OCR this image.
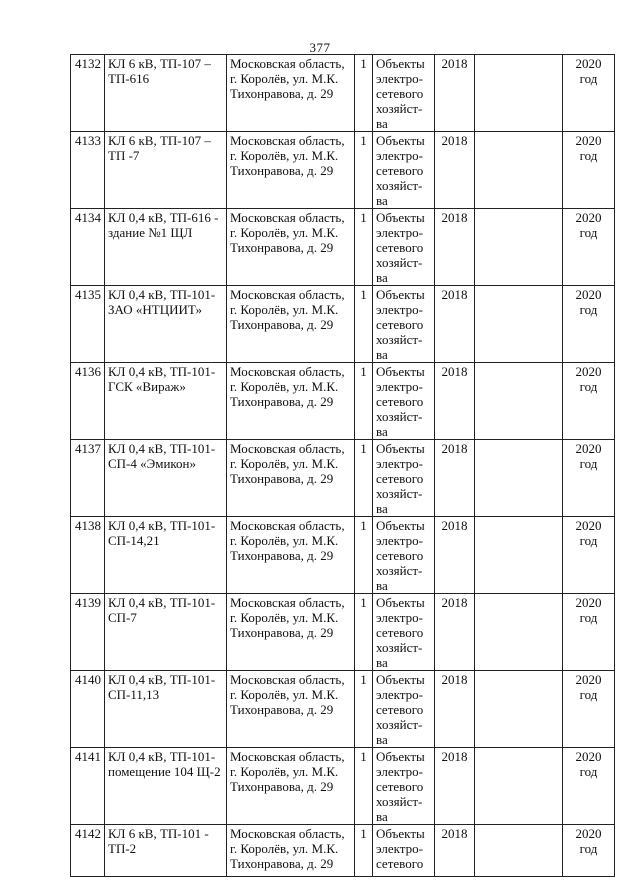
377
4132	КЛ 6 кВ, ТП-107 – ТП-616	Московская область, г. Королёв, ул. М.К. Тихонравова, д. 29	1	Объекты электро-сетевого хозяйст-ва	2018		2020
год

4133	КЛ 6 кВ, ТП-107 – ТП -7	Московская область, г. Королёв, ул. М.К. Тихонравова, д. 29	1	Объекты электро-сетевого хозяйст-ва	2018		2020
год

4134	КЛ 0,4 кВ, ТП-616 - здание №1 ЩЛ	Московская область, г. Королёв, ул. М.К. Тихонравова, д. 29	1	Объекты электро-сетевого хозяйст-ва	2018		2020
год

4135	КЛ 0,4 кВ, ТП-101-ЗАО «НТЦИИТ»	Московская область, г. Королёв, ул. М.К. Тихонравова, д. 29	1	Объекты электро-сетевого хозяйст-ва	2018		2020
год

4136	КЛ 0,4 кВ, ТП-101-ГСК «Вираж»	Московская область, г. Королёв, ул. М.К. Тихонравова, д. 29	1	Объекты электро-сетевого хозяйст-ва	2018		2020
год

4137	КЛ 0,4 кВ, ТП-101-СП-4 «Эмикон»	Московская область, г. Королёв, ул. М.К. Тихонравова, д. 29	1	Объекты электро-сетевого хозяйст-ва	2018		2020
год

4138	КЛ 0,4 кВ, ТП-101-СП-14,21	Московская область, г. Королёв, ул. М.К. Тихонравова, д. 29	1	Объекты электро-сетевого хозяйст-ва	2018		2020
год

4139	КЛ 0,4 кВ, ТП-101-СП-7	Московская область, г. Королёв, ул. М.К. Тихонравова, д. 29	1	Объекты электро-сетевого хозяйст-ва	2018		2020
год

4140	КЛ 0,4 кВ, ТП-101-СП-11,13	Московская область, г. Королёв, ул. М.К. Тихонравова, д. 29	1	Объекты электро-сетевого хозяйст-ва	2018		2020
год

4141	КЛ 0,4 кВ, ТП-101-помещение 104 Щ-2	Московская область, г. Королёв, ул. М.К. Тихонравова, д. 29	1	Объекты электро-сетевого хозяйст-ва	2018		2020
год

4142	КЛ 6 кВ, ТП-101 - ТП-2	Московская область, г. Королёв, ул. М.К. Тихонравова, д. 29	1	Объекты электро-сетевого	2018		2020
год
